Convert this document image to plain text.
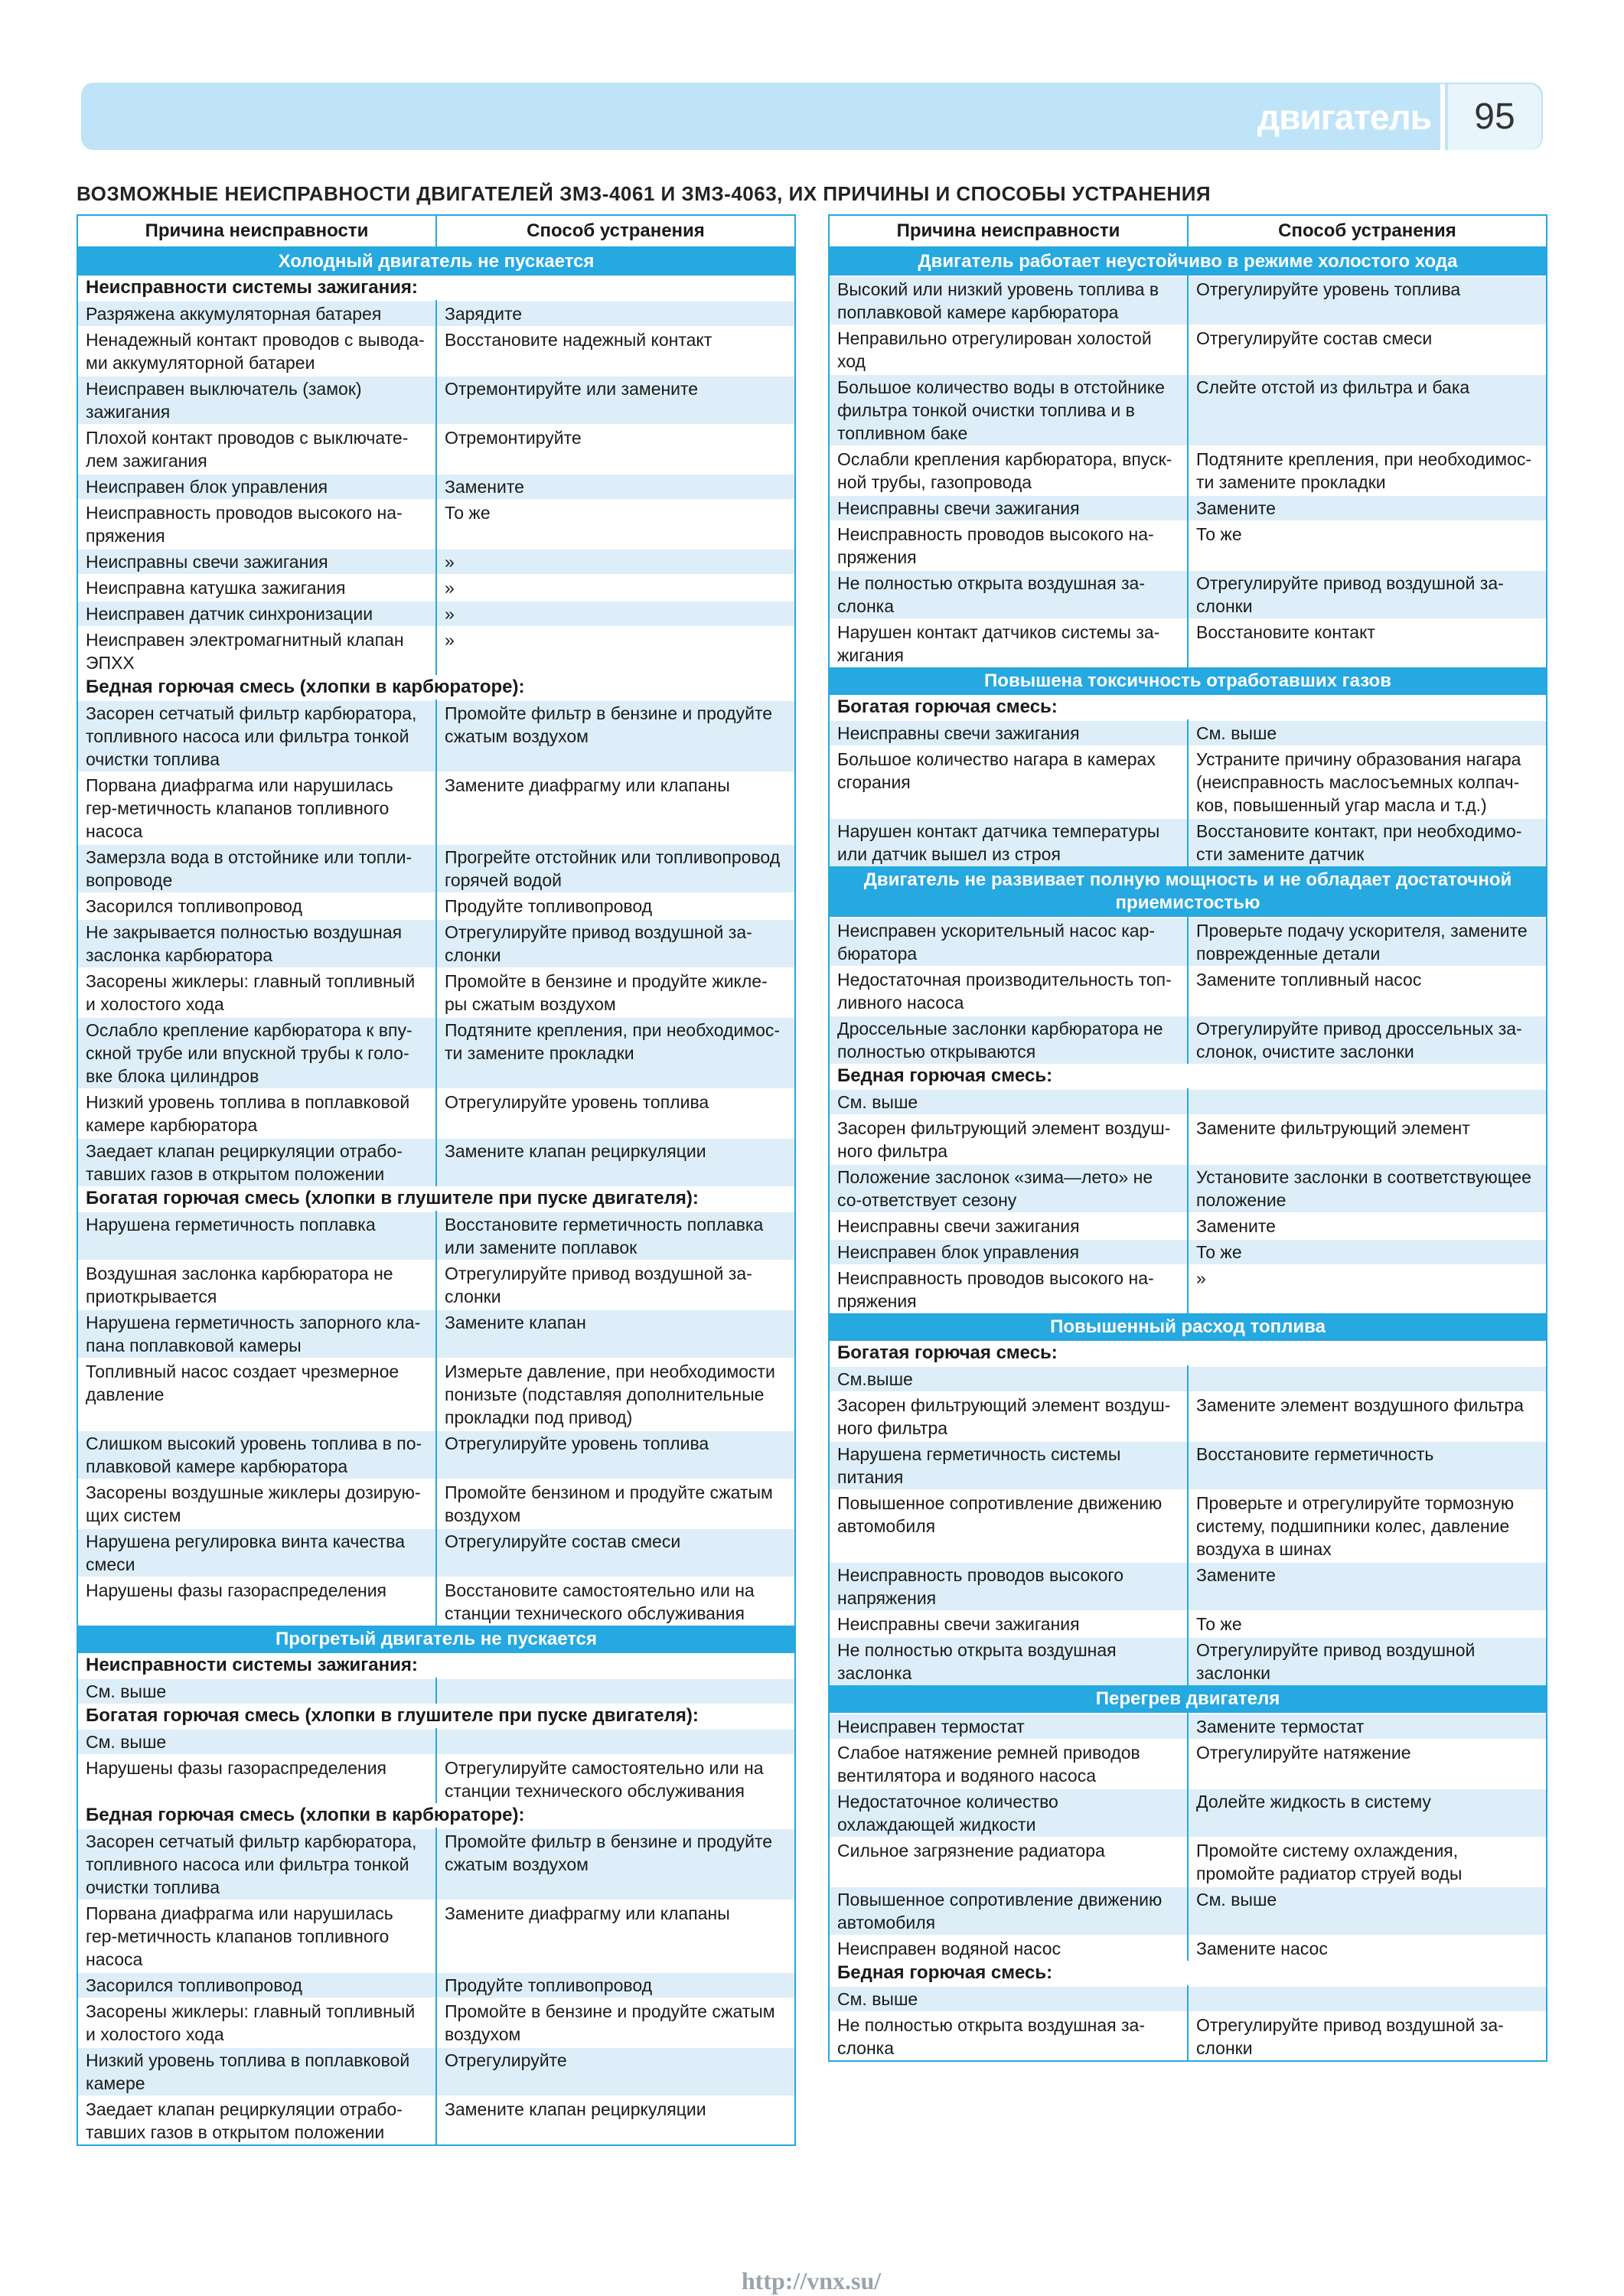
двигатель	95
ВОЗМОЖНЫЕ НЕИСПРАВНОСТИ ДВИГАТЕЛЕЙ ЗМЗ-4061 И ЗМЗ-4063, ИХ ПРИЧИНЫ И СПОСОБЫ УСТРАНЕНИЯ
Причина неисправности	Способ устранения
Холодный двигатель не пускается	
Неисправности системы зажигания:	
Разряжена аккумуляторная батарея	Зарядите
Ненадежный контакт проводов с вывода-ми аккумуляторной батареи	Восстановите надежный контакт
Неисправен выключатель (замок) зажигания	Отремонтируйте или замените
Плохой контакт проводов с выключате-лем зажигания	Отремонтируйте
Неисправен блок управления	Замените
Неисправность проводов высокого на-пряжения	То же
Неисправны свечи зажигания	»
Неисправна катушка зажигания	»
Неисправен датчик синхронизации	»
Неисправен электромагнитный клапан ЭПХХ	»
Бедная горючая смесь (хлопки в карбюраторе):	
Засорен сетчатый фильтр карбюратора, топливного насоса или фильтра тонкой очистки топлива	Промойте фильтр в бензине и продуйте сжатым воздухом
Порвана диафрагма или нарушилась гер-метичность клапанов топливного насоса	Замените диафрагму или клапаны
Замерзла вода в отстойнике или топли-вопроводе	Прогрейте отстойник или топливопровод горячей водой
Засорился топливопровод	Продуйте топливопровод
Не закрывается полностью воздушная заслонка карбюратора	Отрегулируйте привод воздушной за-слонки
Засорены жиклеры: главный топливный и холостого хода	Промойте в бензине и продуйте жикле-ры сжатым воздухом
Ослабло крепление карбюратора к впу-скной трубе или впускной трубы к голо-вке блока цилиндров	Подтяните крепления, при необходимос-ти замените прокладки
Низкий уровень топлива в поплавковой камере карбюратора	Отрегулируйте уровень топлива
Заедает клапан рециркуляции отрабо-тавших газов в открытом положении	Замените клапан рециркуляции
Богатая горючая смесь (хлопки в глушителе при пуске двигателя):	
Нарушена герметичность поплавка	Восстановите герметичность поплавка или замените поплавок
Воздушная заслонка карбюратора не приоткрывается	Отрегулируйте привод воздушной за-слонки
Нарушена герметичность запорного кла-пана поплавковой камеры	Замените клапан
Топливный насос создает чрезмерное давление	Измерьте давление, при необходимости понизьте (подставляя дополнительные прокладки под привод)
Слишком высокий уровень топлива в по-плавковой камере карбюратора	Отрегулируйте уровень топлива
Засорены воздушные жиклеры дозирую-щих систем	Промойте бензином и продуйте сжатым воздухом
Нарушена регулировка винта качества смеси	Отрегулируйте состав смеси
Нарушены фазы газораспределения	Восстановите самостоятельно или на станции технического обслуживания
Прогретый двигатель не пускается	
Неисправности системы зажигания:	
См. выше	
Богатая горючая смесь (хлопки в глушителе при пуске двигателя):	
См. выше	
Нарушены фазы газораспределения	Отрегулируйте самостоятельно или на станции технического обслуживания
Бедная горючая смесь (хлопки в карбюраторе):	
Засорен сетчатый фильтр карбюратора, топливного насоса или фильтра тонкой очистки топлива	Промойте фильтр в бензине и продуйте сжатым воздухом
Порвана диафрагма или нарушилась гер-метичность клапанов топливного насоса	Замените диафрагму или клапаны
Засорился топливопровод	Продуйте топливопровод
Засорены жиклеры: главный топливный и холостого хода	Промойте в бензине и продуйте сжатым воздухом
Низкий уровень топлива в поплавковой камере	Отрегулируйте
Заедает клапан рециркуляции отрабо-тавших газов в открытом положении	Замените клапан рециркуляции
Причина неисправности	Способ устранения
Двигатель работает неустойчиво в режиме холостого хода	
Высокий или низкий уровень топлива в поплавковой камере карбюратора	Отрегулируйте уровень топлива
Неправильно отрегулирован холостой ход	Отрегулируйте состав смеси
Большое количество воды в отстойнике фильтра тонкой очистки топлива и в топливном баке	Слейте отстой из фильтра и бака
Ослабли крепления карбюратора, впуск-ной трубы, газопровода	Подтяните крепления, при необходимос-ти замените прокладки
Неисправны свечи зажигания	Замените
Неисправность проводов высокого на-пряжения	То же
Не полностью открыта воздушная за-слонка	Отрегулируйте привод воздушной за-слонки
Нарушен контакт датчиков системы за-жигания	Восстановите контакт
Повышена токсичность отработавших газов	
Богатая горючая смесь:	
Неисправны свечи зажигания	См. выше
Большое количество нагара в камерах сгорания	Устраните причину образования нагара (неисправность маслосъемных колпач-ков, повышенный угар масла и т.д.)
Нарушен контакт датчика температуры или датчик вышел из строя	Восстановите контакт, при необходимо-сти замените датчик
Двигатель не развивает полную мощность и не обладает достаточной приемистостью	
Неисправен ускорительный насос кар-бюратора	Проверьте подачу ускорителя, замените поврежденные детали
Недостаточная производительность топ-ливного насоса	Замените топливный насос
Дроссельные заслонки карбюратора не полностью открываются	Отрегулируйте привод дроссельных за-слонок, очистите заслонки
Бедная горючая смесь:	
См. выше	
Засорен фильтрующий элемент воздуш-ного фильтра	Замените фильтрующий элемент
Положение заслонок «зима—лето» не со-ответствует сезону	Установите заслонки в соответствующее положение
Неисправны свечи зажигания	Замените
Неисправен блок управления	То же
Неисправность проводов высокого на-пряжения	»
Повышенный расход топлива	
Богатая горючая смесь:	
См.выше	
Засорен фильтрующий элемент воздуш-ного фильтра	Замените элемент воздушного фильтра
Нарушена герметичность системы питания	Восстановите герметичность
Повышенное сопротивление движению автомобиля	Проверьте и отрегулируйте тормозную систему, подшипники колес, давление воздуха в шинах
Неисправность проводов высокого напряжения	Замените
Неисправны свечи зажигания	То же
Не полностью открыта воздушная заслонка	Отрегулируйте привод воздушной заслонки
Перегрев двигателя	
Неисправен термостат	Замените термостат
Слабое натяжение ремней приводов вентилятора и водяного насоса	Отрегулируйте натяжение
Недостаточное количество охлаждающей жидкости	Долейте жидкость в систему
Сильное загрязнение радиатора	Промойте систему охлаждения, промойте радиатор струей воды
Повышенное сопротивление движению автомобиля	См. выше
Неисправен водяной насос	Замените насос
Бедная горючая смесь:	
См. выше	
Не полностью открыта воздушная за-слонка	Отрегулируйте привод воздушной за-слонки
http://vnx.su/
